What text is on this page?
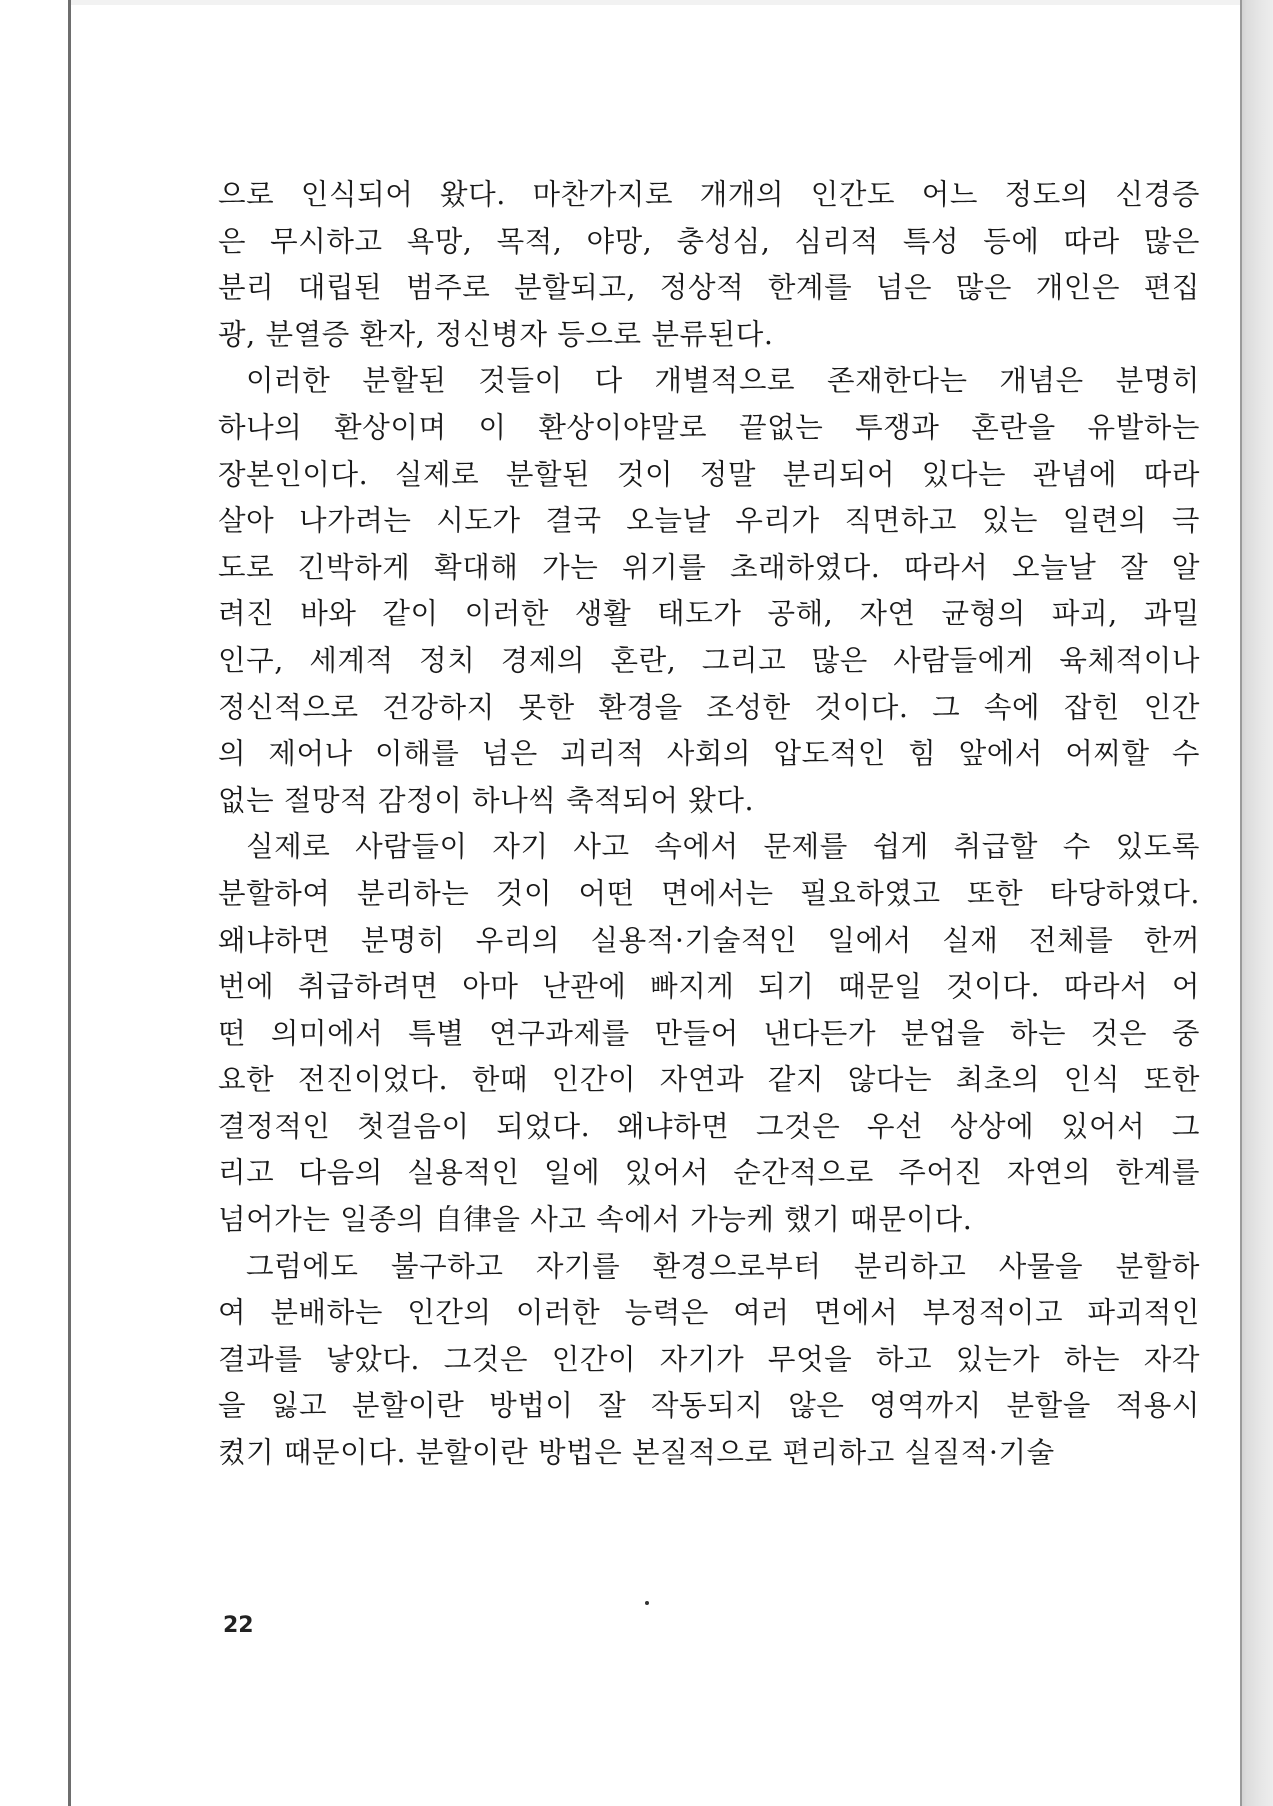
으로 인식되어 왔다. 마찬가지로 개개의 인간도 어느 정도의 신경증
은 무시하고 욕망, 목적, 야망, 충성심, 심리적 특성 등에 따라 많은
분리 대립된 범주로 분할되고, 정상적 한계를 넘은 많은 개인은 편집
광, 분열증 환자, 정신병자 등으로 분류된다.
이러한 분할된 것들이 다 개별적으로 존재한다는 개념은 분명히
하나의 환상이며 이 환상이야말로 끝없는 투쟁과 혼란을 유발하는
장본인이다. 실제로 분할된 것이 정말 분리되어 있다는 관념에 따라
살아 나가려는 시도가 결국 오늘날 우리가 직면하고 있는 일련의 극
도로 긴박하게 확대해 가는 위기를 초래하였다. 따라서 오늘날 잘 알
려진 바와 같이 이러한 생활 태도가 공해, 자연 균형의 파괴, 과밀
인구, 세계적 정치 경제의 혼란, 그리고 많은 사람들에게 육체적이나
정신적으로 건강하지 못한 환경을 조성한 것이다. 그 속에 잡힌 인간
의 제어나 이해를 넘은 괴리적 사회의 압도적인 힘 앞에서 어찌할 수
없는 절망적 감정이 하나씩 축적되어 왔다.
실제로 사람들이 자기 사고 속에서 문제를 쉽게 취급할 수 있도록
분할하여 분리하는 것이 어떤 면에서는 필요하였고 또한 타당하였다.
왜냐하면 분명히 우리의 실용적·기술적인 일에서 실재 전체를 한꺼
번에 취급하려면 아마 난관에 빠지게 되기 때문일 것이다. 따라서 어
떤 의미에서 특별 연구과제를 만들어 낸다든가 분업을 하는 것은 중
요한 전진이었다. 한때 인간이 자연과 같지 않다는 최초의 인식 또한
결정적인 첫걸음이 되었다. 왜냐하면 그것은 우선 상상에 있어서 그
리고 다음의 실용적인 일에 있어서 순간적으로 주어진 자연의 한계를
넘어가는 일종의 自律을 사고 속에서 가능케 했기 때문이다.
그럼에도 불구하고 자기를 환경으로부터 분리하고 사물을 분할하
여 분배하는 인간의 이러한 능력은 여러 면에서 부정적이고 파괴적인
결과를 낳았다. 그것은 인간이 자기가 무엇을 하고 있는가 하는 자각
을 잃고 분할이란 방법이 잘 작동되지 않은 영역까지 분할을 적용시
켰기 때문이다. 분할이란 방법은 본질적으로 편리하고 실질적·기술
22
